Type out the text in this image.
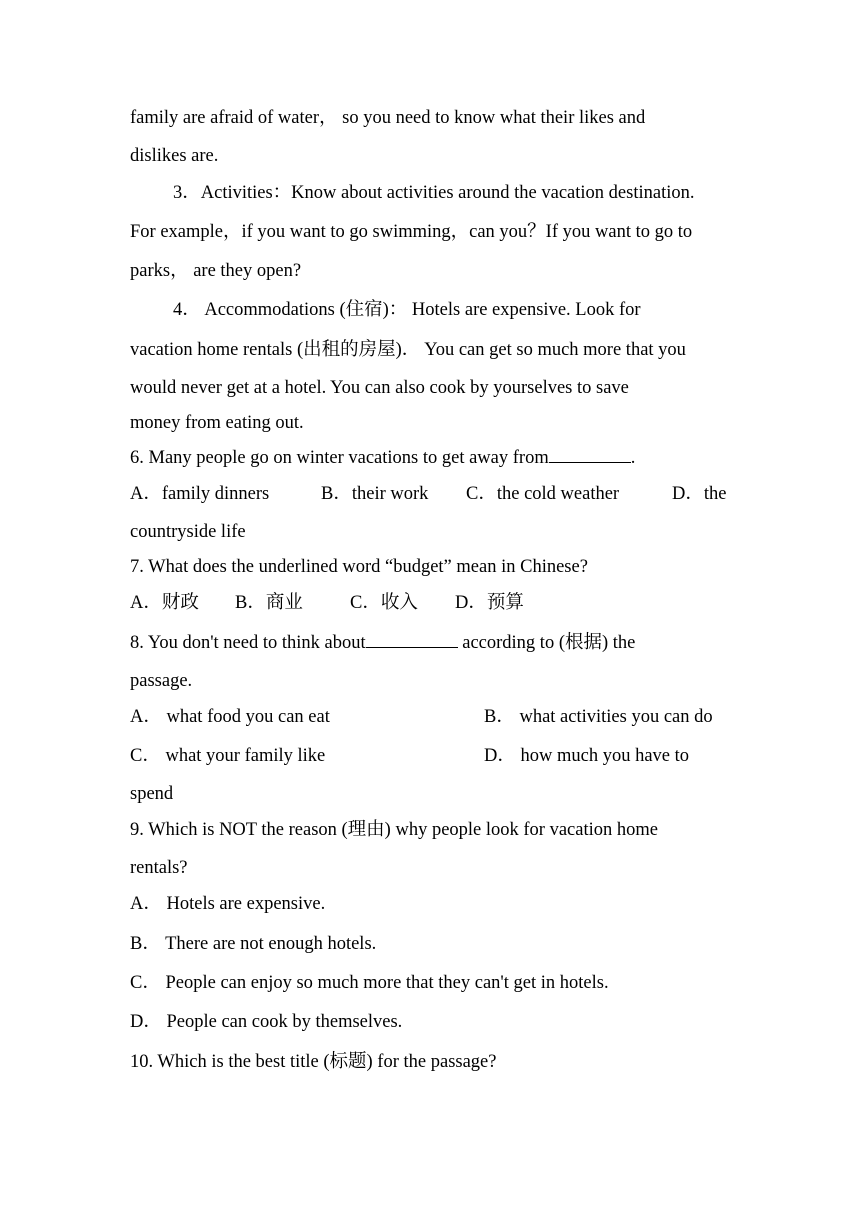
family are afraid of water， so you need to know what their likes and
dislikes are.
3．Activities：Know about activities around the vacation destination.
For example，if you want to go swimming，can you？If you want to go to
parks， are they open?
4． Accommodations (住宿)： Hotels are expensive. Look for
vacation home rentals (出租的房屋)． You can get so much more that you
would never get at a hotel. You can also cook by yourselves to save
money from eating out.
6. Many people go on winter vacations to get away from	.
A．family dinners	B．their work C．the cold weather	D．the
countryside life
7. What does the underlined word “budget” mean in Chinese?
A．财政 B．商业	C．收入 D．预算
8. You don't need to think about	according to (根据) the
passage.
A． what food you can eat	B． what activities you can do
C． what your family like	D． how much you have to
spend
9. Which is NOT the reason (理由) why people look for vacation home
rentals?
A． Hotels are expensive.
B． There are not enough hotels.
C． People can enjoy so much more that they can't get in hotels.
D． People can cook by themselves.
10. Which is the best title (标题) for the passage?
